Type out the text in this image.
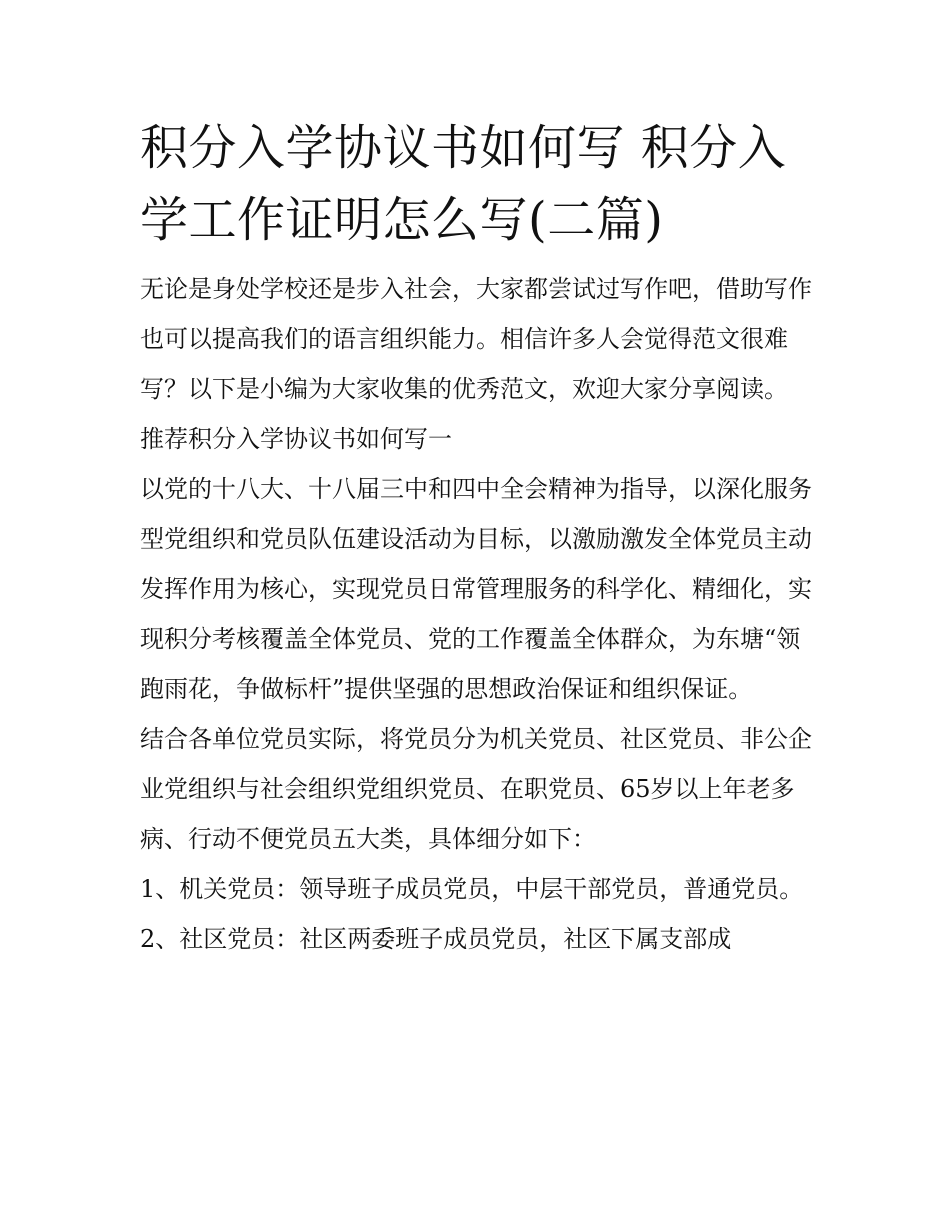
积分入学协议书如何写 积分入学工作证明怎么写(二篇)

无论是身处学校还是步入社会，大家都尝试过写作吧，借助写作也可以提高我们的语言组织能力。相信许多人会觉得范文很难写？以下是小编为大家收集的优秀范文，欢迎大家分享阅读。

推荐积分入学协议书如何写一

以党的十八大、十八届三中和四中全会精神为指导，以深化服务型党组织和党员队伍建设活动为目标，以激励激发全体党员主动发挥作用为核心，实现党员日常管理服务的科学化、精细化，实现积分考核覆盖全体党员、党的工作覆盖全体群众，为东塘“领跑雨花，争做标杆”提供坚强的思想政治保证和组织保证。

结合各单位党员实际，将党员分为机关党员、社区党员、非公企业党组织与社会组织党组织党员、在职党员、65岁以上年老多病、行动不便党员五大类，具体细分如下：

1、机关党员：领导班子成员党员，中层干部党员，普通党员。 2、社区党员：社区两委班子成员党员，社区下属支部成
